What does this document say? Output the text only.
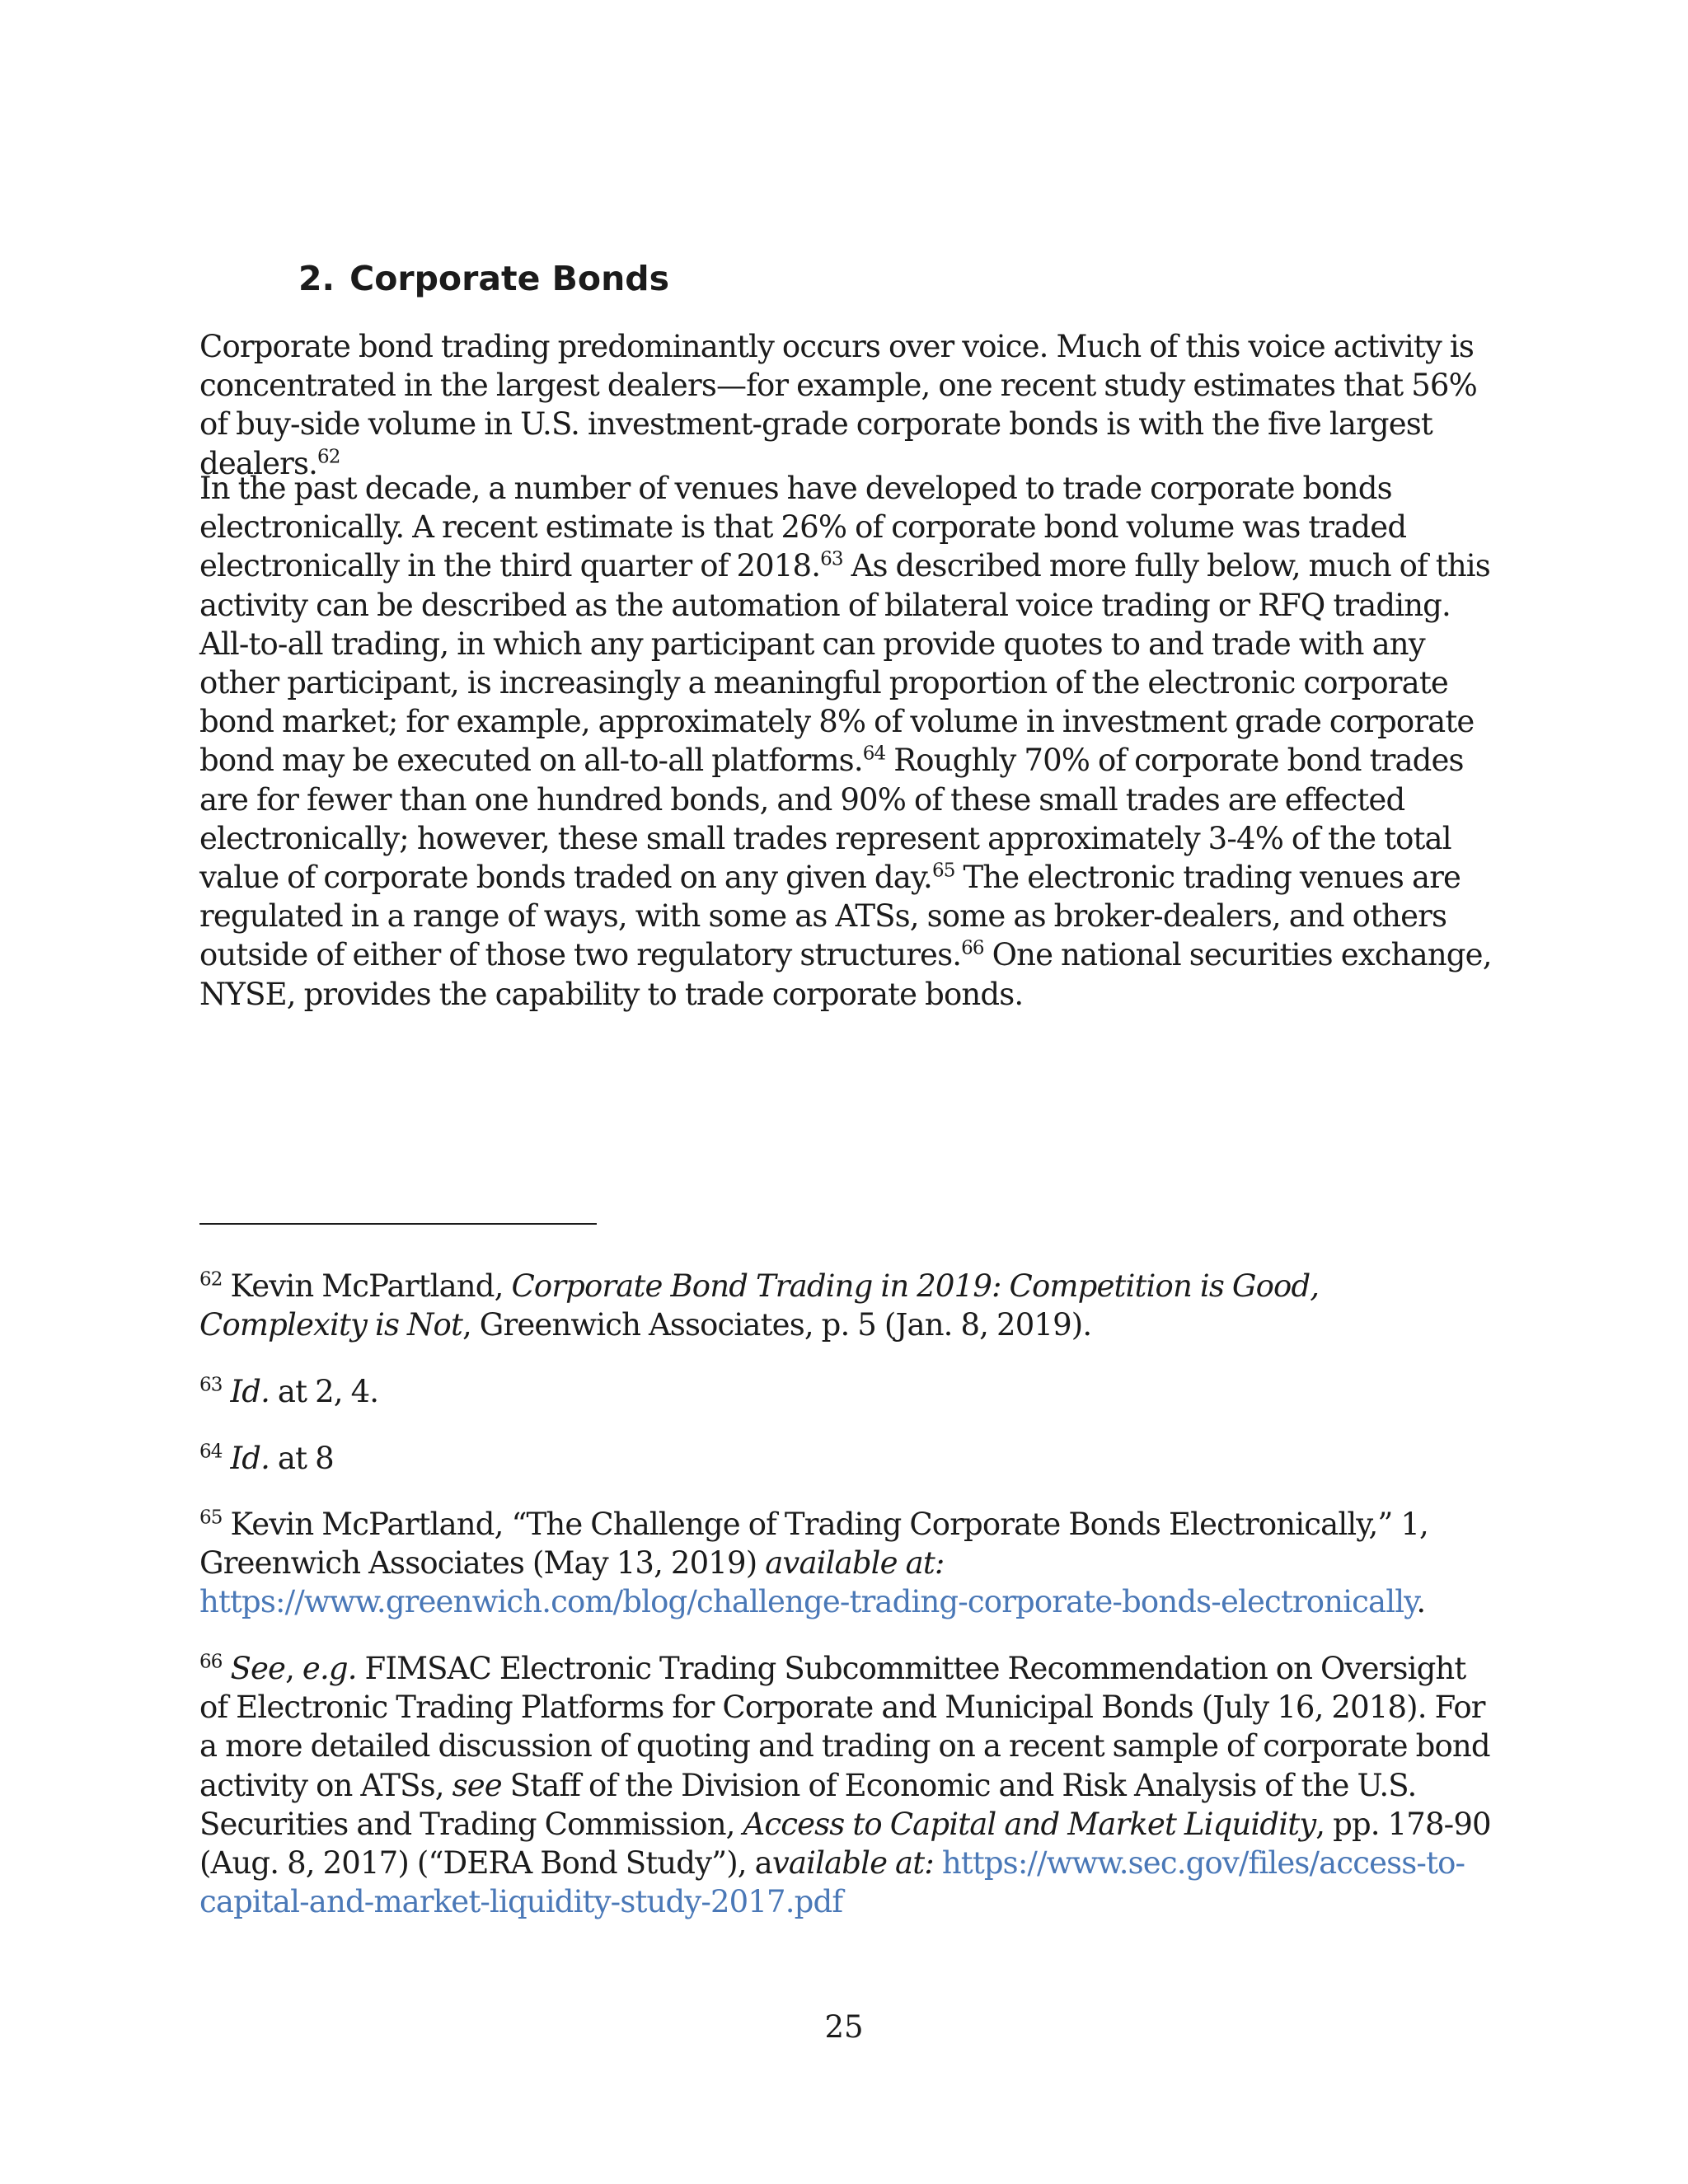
2. Corporate Bonds

Corporate bond trading predominantly occurs over voice. Much of this voice activity is concentrated in the largest dealers—for example, one recent study estimates that 56% of buy-side volume in U.S. investment-grade corporate bonds is with the five largest dealers.$^{62}$

In the past decade, a number of venues have developed to trade corporate bonds electronically. A recent estimate is that 26% of corporate bond volume was traded electronically in the third quarter of 2018.63 As described more fully below, much of this activity can be described as the automation of bilateral voice trading or RFQ trading. All-to-all trading, in which any participant can provide quotes to and trade with any other participant, is increasingly a meaningful proportion of the electronic corporate bond market; for example, approximately 8% of volume in investment grade corporate bond may be executed on all-to-all platforms.$^{64}$ Roughly 70% of corporate bond trades are for fewer than one hundred bonds, and 90% of these small trades are effected electronically; however, these small trades represent approximately 3-4% of the total value of corporate bonds traded on any given day.$^{65}$ The electronic trading venues are regulated in a range of ways, with some as ATSs, some as broker-dealers, and others outside of either of those two regulatory structures.$^{66}$ One national securities exchange, NYSE, provides the capability to trade corporate bonds.

$^{62}$ Kevin McPartland, Corporate Bond Trading in 2019: Competition is Good, Complexity is Not, Greenwich Associates, p. 5 (Jan. 8, 2019).

$^{63}$ Id. at 2, 4.

$^{64}$ Id. at 8

$^{65}$ Kevin McPartland, “The Challenge of Trading Corporate Bonds Electronically,” 1, Greenwich Associates (May 13, 2019) available at:
https://www.greenwich.com/blog/challenge-trading-corporate-bonds-electronically.

$^{66}$ See, e.g. FIMSAC Electronic Trading Subcommittee Recommendation on Oversight of Electronic Trading Platforms for Corporate and Municipal Bonds (July 16, 2018). For a more detailed discussion of quoting and trading on a recent sample of corporate bond activity on ATSs, see Staff of the Division of Economic and Risk Analysis of the U.S. Securities and Trading Commission, Access to Capital and Market Liquidity, pp. 178-90 (Aug. 8, 2017) (“DERA Bond Study”), available at: https://www.sec.gov/files/access-to-capital-and-market-liquidity-study-2017.pdf

25
